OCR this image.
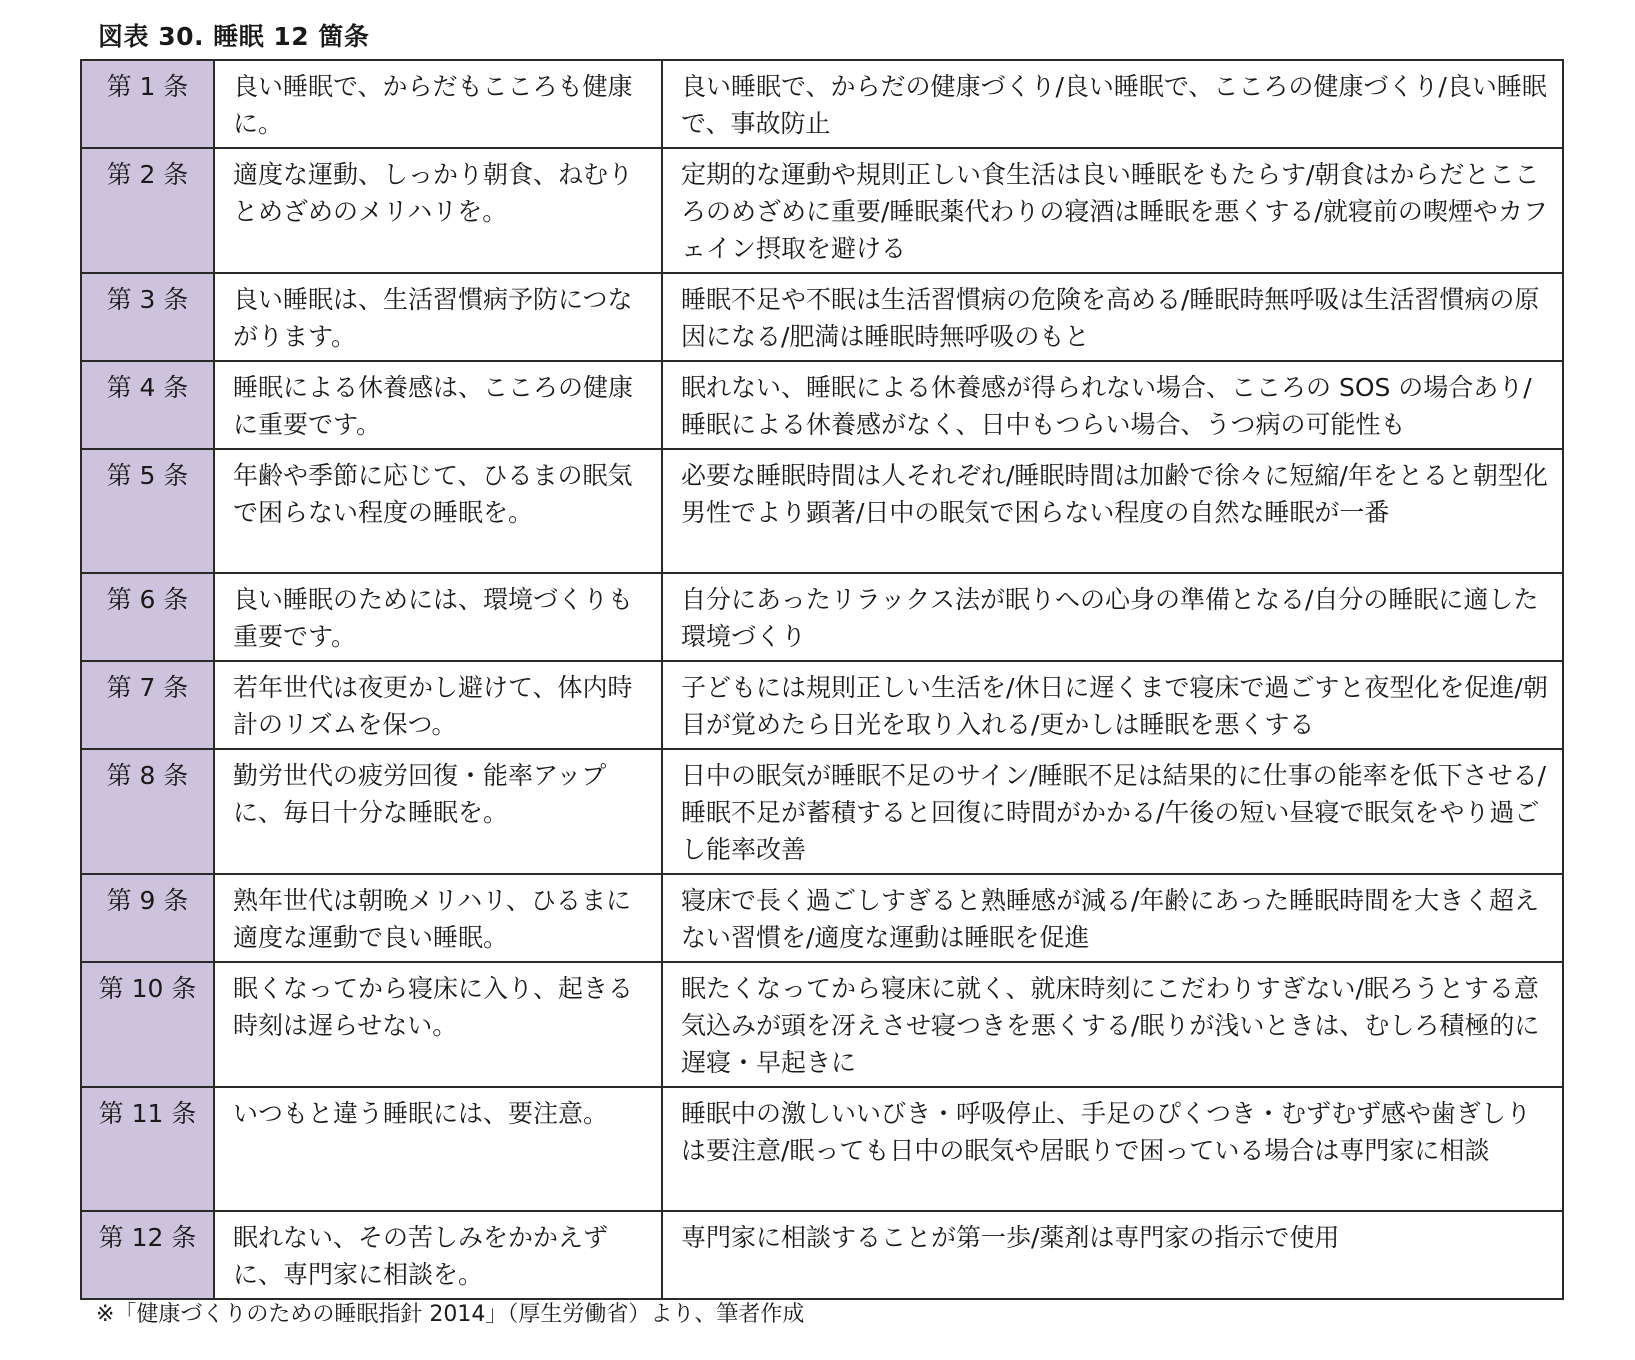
図表 30. 睡眠 12 箇条
第 1 条	良い睡眠で、からだもこころも健康に。	良い睡眠で、からだの健康づくり/良い睡眠で、こころの健康づくり/良い睡眠で、事故防止
第 2 条	適度な運動、しっかり朝食、ねむりとめざめのメリハリを。	定期的な運動や規則正しい食生活は良い睡眠をもたらす/朝食はからだとこころのめざめに重要/睡眠薬代わりの寝酒は睡眠を悪くする/就寝前の喫煙やカフェイン摂取を避ける
第 3 条	良い睡眠は、生活習慣病予防につながります。	睡眠不足や不眠は生活習慣病の危険を高める/睡眠時無呼吸は生活習慣病の原因になる/肥満は睡眠時無呼吸のもと
第 4 条	睡眠による休養感は、こころの健康に重要です。	眠れない、睡眠による休養感が得られない場合、こころの SOS の場合あり/睡眠による休養感がなく、日中もつらい場合、うつ病の可能性も
第 5 条	年齢や季節に応じて、ひるまの眠気で困らない程度の睡眠を。	必要な睡眠時間は人それぞれ/睡眠時間は加齢で徐々に短縮/年をとると朝型化 男性でより顕著/日中の眠気で困らない程度の自然な睡眠が一番
第 6 条	良い睡眠のためには、環境づくりも重要です。	自分にあったリラックス法が眠りへの心身の準備となる/自分の睡眠に適した環境づくり
第 7 条	若年世代は夜更かし避けて、体内時計のリズムを保つ。	子どもには規則正しい生活を/休日に遅くまで寝床で過ごすと夜型化を促進/朝目が覚めたら日光を取り入れる/更かしは睡眠を悪くする
第 8 条	勤労世代の疲労回復・能率アップに、毎日十分な睡眠を。	日中の眠気が睡眠不足のサイン/睡眠不足は結果的に仕事の能率を低下させる/睡眠不足が蓄積すると回復に時間がかかる/午後の短い昼寝で眠気をやり過ごし能率改善
第 9 条	熟年世代は朝晩メリハリ、ひるまに適度な運動で良い睡眠。	寝床で長く過ごしすぎると熟睡感が減る/年齢にあった睡眠時間を大きく超えない習慣を/適度な運動は睡眠を促進
第 10 条	眠くなってから寝床に入り、起きる時刻は遅らせない。	眠たくなってから寝床に就く、就床時刻にこだわりすぎない/眠ろうとする意気込みが頭を冴えさせ寝つきを悪くする/眠りが浅いときは、むしろ積極的に遅寝・早起きに
第 11 条	いつもと違う睡眠には、要注意。	睡眠中の激しいいびき・呼吸停止、手足のぴくつき・むずむず感や歯ぎしりは要注意/眠っても日中の眠気や居眠りで困っている場合は専門家に相談
第 12 条	眠れない、その苦しみをかかえずに、専門家に相談を。	専門家に相談することが第一歩/薬剤は専門家の指示で使用
※「健康づくりのための睡眠指針 2014」（厚生労働省）より、筆者作成
